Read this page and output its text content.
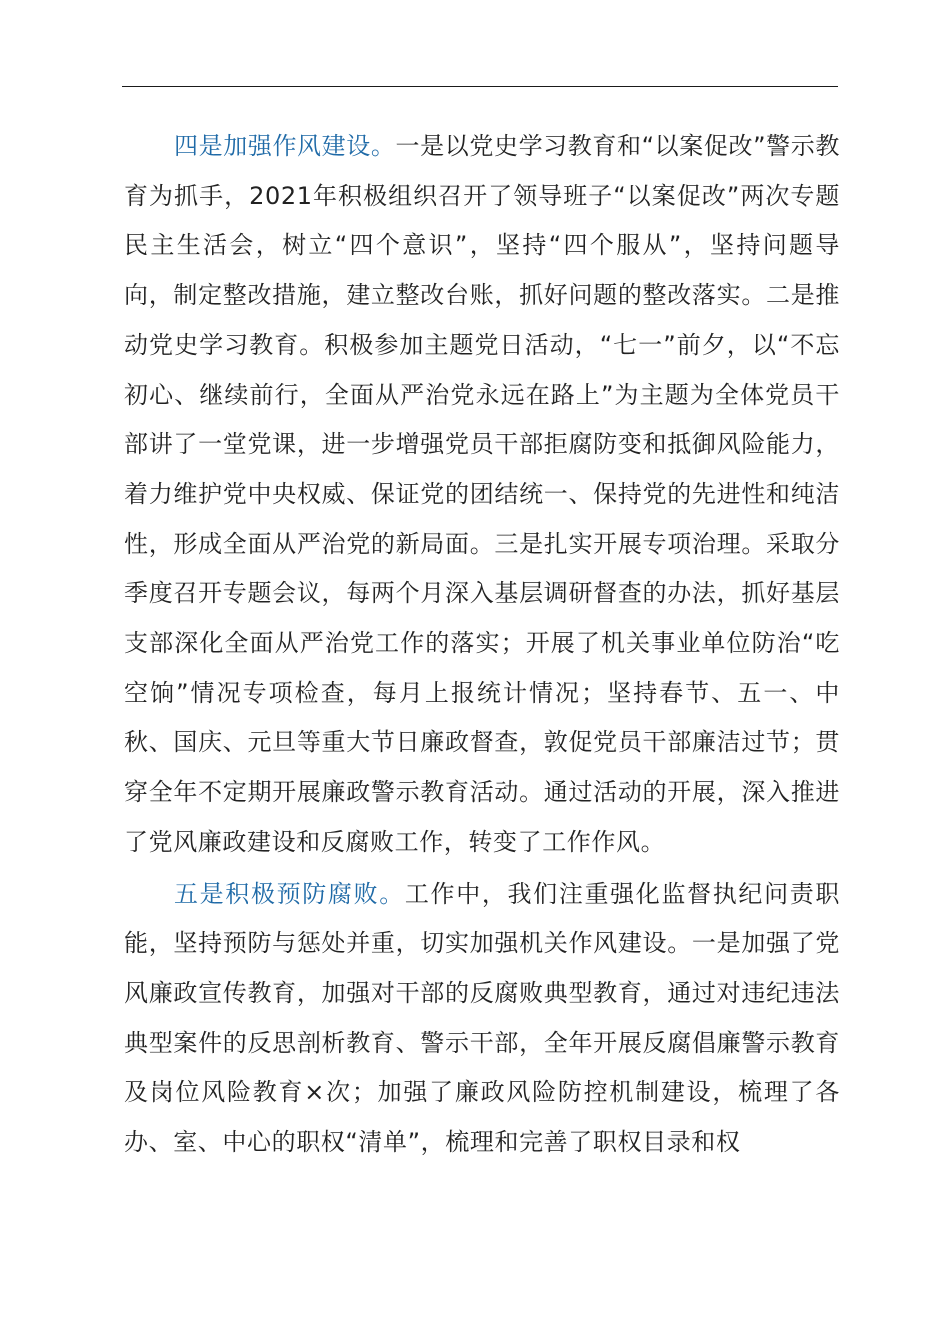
四是加强作风建设。一是以党史学习教育和“以案促改”警示教育为抓手，2021年积极组织召开了领导班子“以案促改”两次专题民主生活会，树立“四个意识”，坚持“四个服从”，坚持问题导向，制定整改措施，建立整改台账，抓好问题的整改落实。二是推动党史学习教育。积极参加主题党日活动，“七一”前夕，以“不忘初心、继续前行，全面从严治党永远在路上”为主题为全体党员干部讲了一堂党课，进一步增强党员干部拒腐防变和抵御风险能力，着力维护党中央权威、保证党的团结统一、保持党的先进性和纯洁性，形成全面从严治党的新局面。三是扎实开展专项治理。采取分季度召开专题会议，每两个月深入基层调研督查的办法，抓好基层支部深化全面从严治党工作的落实；开展了机关事业单位防治“吃空饷”情况专项检查，每月上报统计情况；坚持春节、五一、中秋、国庆、元旦等重大节日廉政督查，敦促党员干部廉洁过节；贯穿全年不定期开展廉政警示教育活动。通过活动的开展，深入推进了党风廉政建设和反腐败工作，转变了工作作风。

五是积极预防腐败。工作中，我们注重强化监督执纪问责职能，坚持预防与惩处并重，切实加强机关作风建设。一是加强了党风廉政宣传教育，加强对干部的反腐败典型教育，通过对违纪违法典型案件的反思剖析教育、警示干部，全年开展反腐倡廉警示教育及岗位风险教育×次；加强了廉政风险防控机制建设，梳理了各办、室、中心的职权“清单”，梳理和完善了职权目录和权
